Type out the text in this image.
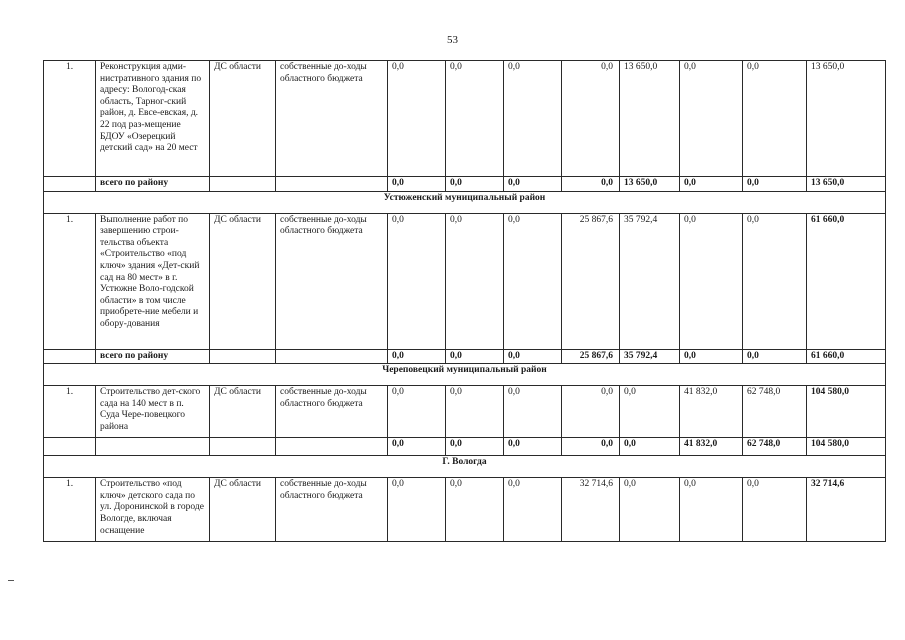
53
1.	Реконструкция адми-нистративного здания по адресу: Вологод-ская область, Тарног-ский район, д. Евсе-евская, д. 22 под раз-мещение БДОУ «Озерецкий детский сад» на 20 мест	ДС области	собственные до-ходы областного бюджета	0,0	0,0	0,0	0,0	13 650,0	0,0	0,0	13 650,0
	всего по району			0,0	0,0	0,0	0,0	13 650,0	0,0	0,0	13 650,0
Устюженский муниципальный район											
1.	Выполнение работ по завершению строи-тельства объекта «Строительство «под ключ» здания «Дет-ский сад на 80 мест» в г. Устюжне Воло-годской области» в том числе приобрете-ние мебели и обору-дования	ДС области	собственные до-ходы областного бюджета	0,0	0,0	0,0	25 867,6	35 792,4	0,0	0,0	61 660,0
	всего по району			0,0	0,0	0,0	25 867,6	35 792,4	0,0	0,0	61 660,0
Череповецкий муниципальный район											
1.	Строительство дет-ского сада на 140 мест в п. Суда Чере-повецкого района	ДС области	собственные до-ходы областного бюджета	0,0	0,0	0,0	0,0	0,0	41 832,0	62 748,0	104 580,0
				0,0	0,0	0,0	0,0	0,0	41 832,0	62 748,0	104 580,0
Г. Вологда											
1.	Строительство «под ключ» детского сада по ул. Доронинской в городе Вологде, включая оснащение	ДС области	собственные до-ходы областного бюджета	0,0	0,0	0,0	32 714,6	0,0	0,0	0,0	32 714,6
